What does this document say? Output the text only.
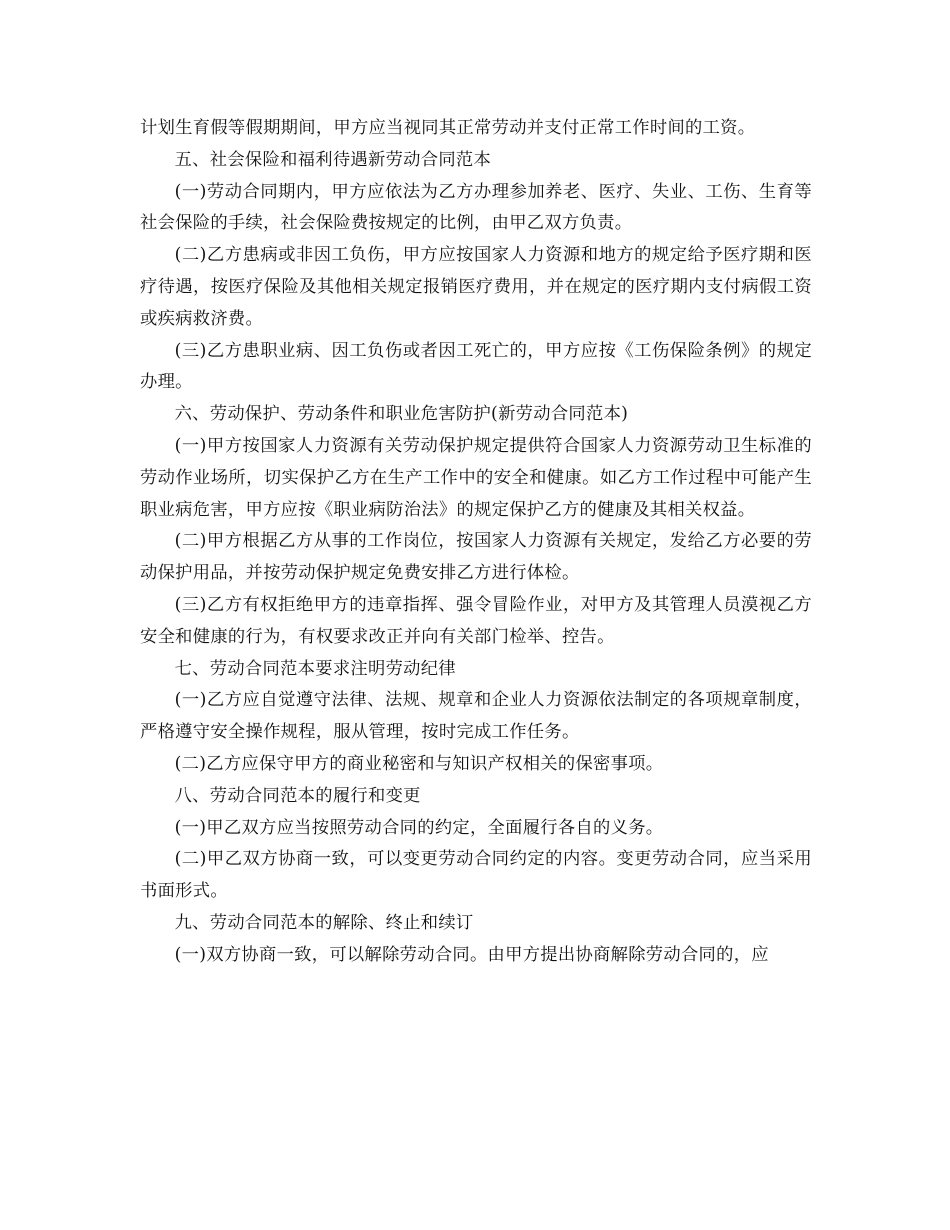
计划生育假等假期期间，甲方应当视同其正常劳动并支付正常工作时间的工资。

五、社会保险和福利待遇新劳动合同范本

(一)劳动合同期内，甲方应依法为乙方办理参加养老、医疗、失业、工伤、生育等社会保险的手续，社会保险费按规定的比例，由甲乙双方负责。

(二)乙方患病或非因工负伤，甲方应按国家人力资源和地方的规定给予医疗期和医疗待遇，按医疗保险及其他相关规定报销医疗费用，并在规定的医疗期内支付病假工资或疾病救济费。

(三)乙方患职业病、因工负伤或者因工死亡的，甲方应按《工伤保险条例》的规定办理。

六、劳动保护、劳动条件和职业危害防护(新劳动合同范本)

(一)甲方按国家人力资源有关劳动保护规定提供符合国家人力资源劳动卫生标准的劳动作业场所，切实保护乙方在生产工作中的安全和健康。如乙方工作过程中可能产生职业病危害，甲方应按《职业病防治法》的规定保护乙方的健康及其相关权益。

(二)甲方根据乙方从事的工作岗位，按国家人力资源有关规定，发给乙方必要的劳动保护用品，并按劳动保护规定免费安排乙方进行体检。

(三)乙方有权拒绝甲方的违章指挥、强令冒险作业，对甲方及其管理人员漠视乙方安全和健康的行为，有权要求改正并向有关部门检举、控告。

七、劳动合同范本要求注明劳动纪律

(一)乙方应自觉遵守法律、法规、规章和企业人力资源依法制定的各项规章制度，严格遵守安全操作规程，服从管理，按时完成工作任务。

(二)乙方应保守甲方的商业秘密和与知识产权相关的保密事项。

八、劳动合同范本的履行和变更

(一)甲乙双方应当按照劳动合同的约定，全面履行各自的义务。

(二)甲乙双方协商一致，可以变更劳动合同约定的内容。变更劳动合同，应当采用书面形式。

九、劳动合同范本的解除、终止和续订

(一)双方协商一致，可以解除劳动合同。由甲方提出协商解除劳动合同的，应
